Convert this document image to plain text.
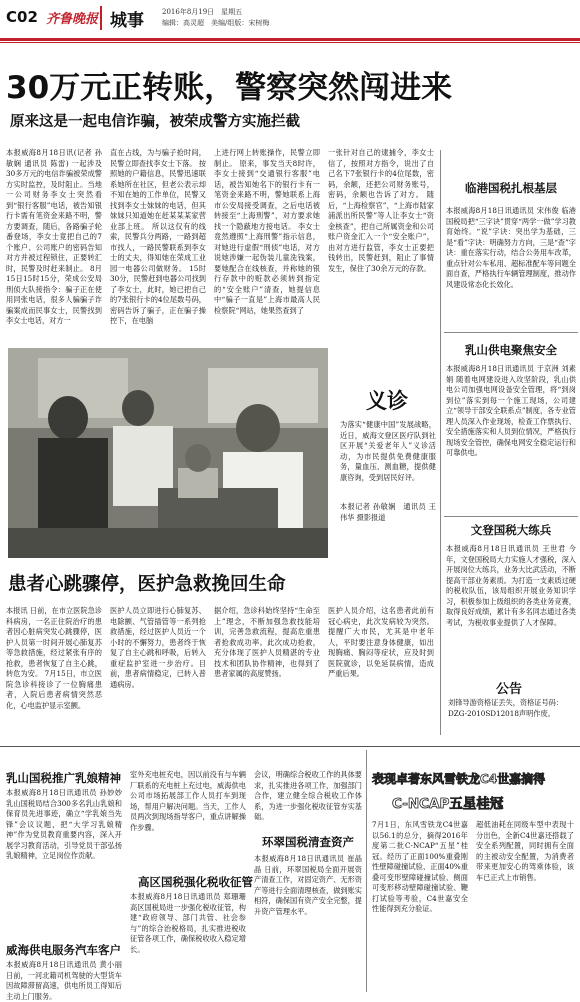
C02 齐鲁晚报 城事	2016年8月19日　星期五
编辑：高灵超　美编/组版：宋树梅
30万元正转账，警察突然闯进来
原来这是一起电信诈骗，被荣成警方实施拦截
本报威海8月18日讯(记者 孙敏娴 通讯员 陈雷) 一起涉及30多万元的电信诈骗被荣成警方实时监控，及时阻止。当地一公司财务李女士突然看到“银行客服”电话，被告知银行卡需有笔资金来路不明，警方要调查，随后，各路骗子轮番登场，李女士竟把自己的7个账户、公司账户的密码告知对方并被过程锁住，正要转汇时，民警及时赶来制止。 8月15日15时15分，荣成公安局刑侦大队接指令：骗子正在使用同张电话，很多人骗骗子诈骗案成而民事女士，民警找到李女士电话，对方一
直在占线，为与骗子抢时间，民警立即查找李女士下落。 按照她的户籍信息，民警迅速联系她所在社区，但老公表示却不知在她的工作单位，民警又找到李女士妹妹的电话，但其妹妹只知道她在赶某某某家营业部上班。 所以这仅有的线索，民警兵分两路，一路到超市找人，一路民警联系到李女士的丈夫，得知她在荣成工业园一电器公司做财务。 15时30分，民警赶到电器公司找到了李女士，此时，她已把自己的7张银行卡的4位尾数号码，密码告诉了骗子，正在骗子操控下，在电脑
上进行网上转账操作，民警立即制止。 原来，事发当天8时许，李女士接到“交通银行客服”电话，被告知她名下的银行卡有一笔资金来路不明，警她联系上海市公安局接受调查，之后电话被转接至“上海刑警”，对方要求她找一个隐蔽地方接电话。 李女士竟然遵照“上海刑警”指示信息，对她进行虚假“刑侦”电话，对方说她涉嫌一起伪装儿童洗钱案，要她配合在线核查，并称她的银行存款中的赃款必须转到指定的“安全账户”清查，她提信息中“骗子一直是”上海市最高人民检察院“网站，她果然查到了
一张针对自己的逮捕令，李女士信了，按照对方指令，说出了自己名下7张银行卡的4位尾数，密码，余额，还把公司财务账号，密码，余额也告诉了对方。 随后，“上海检察官”，“上海市陆家浦派出所民警”等人让李女士“资金核查”，把自己所属资金和公司账户资金汇入一个“安全账户”，由对方进行监管，李女士正要把钱转出，民警赶到，阻止了事情发生，保住了30余万元的存款。
临港国税扎根基层
本报威海8月18日讯通讯员 宋伟俊 临港国税局把“三字诀”贯穿“两学一做”学习教育始终。“说”字诀：突出学为基础，三是“看”字诀：明确努力方向，三是“查”字诀：重在落实行动，结合公务用车改革，重点针对公车私用、超标准配车等问题全面自查，严格执行车辆管理制度，推动作风建设常态化长效化。
乳山供电聚焦安全
本报威海8月18日讯通讯员 于京洲 刘素娟 随着电网建设进入攻坚阶段，乳山供电公司加强电网设备安全管理，将“到岗到位”落实到每一个施工现场，公司建立“领导干部安全联系点”制度，各专业管理人员深入作业现场，检查工作票执行、安全措施落实和人员到位情况，严格执行现场安全管控，确保电网安全稳定运行和可靠供电。
文登国税大练兵
本报威海8月18日讯通讯员 王世君 今年，文登国税局大力实施人才强税，深入开展岗位大练兵，业务大比武活动，不断提高干部业务素质。为打造一支素质过硬的税收队伍，该局组织开展业务知识学习，积极参加上级组织的各类业务竞赛，取得良好成绩，累计有多名同志通过各类考试，为税收事业提供了人才保障。
义诊
为落实“健康中国”发展战略，近日，威海文登区医疗队到社区开展“关爱老年人”义诊活动，为市民提供免费健康服务，量血压、测血糖，提供健康咨询，受到居民好评。
本报记者 孙敏娴　通讯员 王伟华 摄影报道
患者心跳骤停，医护急救挽回生命
本报讯 日前，在市立医院急诊科病房，一名正住院治疗的患者因心脏病突发心跳骤停，医护人员第一时间开展心肺复苏等急救措施，经过紧张有序的抢救，患者恢复了自主心跳，转危为安。 7月15日，市立医院急诊科接诊了一位胸痛患者，入院后患者病情突然恶化，心电监护显示室颤。
医护人员立即进行心肺复苏、电除颤、气管插管等一系列抢救措施，经过医护人员近一个小时的不懈努力，患者终于恢复了自主心跳和呼吸，后转入重症监护室进一步治疗。目前，患者病情稳定，已转入普通病房。
据介绍，急诊科始终坚持“生命至上”理念，不断加强急救技能培训，完善急救流程，提高危重患者抢救成功率。此次成功抢救，充分体现了医护人员精湛的专业技术和团队协作精神，也得到了患者家属的高度赞扬。
医护人员介绍，这名患者此前有冠心病史，此次发病较为突然。提醒广大市民，尤其是中老年人，平时要注意身体健康，如出现胸痛、胸闷等症状，应及时到医院就诊，以免延误病情，造成严重后果。
公告
刘锋导游资格证丢失，资格证号码：DZG-2010SD12018声明作废。
乳山国税推广乳娘精神
本报威海8月18日讯通讯员 孙妙妙 乳山国税局结合300多名乳山乳娘和保育员先进事迹，确立“学乳娘当先锋”会议议题，把“大学习乳娘精神”作为党员教育重要内容，深入开展学习教育活动，引导党员干部弘扬乳娘精神，立足岗位作贡献。
威海供电服务汽车客户
本报威海8月18日讯通讯员 黄小丽 日前，一河北籍司机驾驶的大型货车因故障滞留高速，供电所员工得知后主动上门服务。
室外充电桩充电，因以前没有与车辆厂联系的充电桩上充过电，威海供电公司市场拓展部工作人员打车到现场，帮用户解决问题。当天，工作人员两次到现场指导客户，重点讲解操作步骤。
高区国税强化税收征管
本报威海8月18日讯通讯员 郑珊珊 高区国税局进一步强化税收征管，构建“政府领导、部门共管、社会参与”的综合治税格局，扎实推进税收征管各项工作，确保税收收入稳定增长。
会议，明确综合税收工作的具体要求，扎实推进各项工作，加强部门合作，建立健全综合税收工作体系，为进一步强化税收征管夯实基础。
环翠国税清查资产
本报威海8月18日讯通讯员 崔晶晶 日前，环翠国税局全面开展资产清查工作，对固定资产、无形资产等进行全面清理核查，做到账实相符，确保国有资产安全完整，提升资产管理水平。
表现卓著东风雪铁龙C4世嘉摘得
C-NCAP五星桂冠
7月1日，东风雪铁龙C4世嘉以56.1的总分，摘得2016年度第二批C-NCAP“五星”桂冠。经历了正面100%重叠刚性壁障碰撞试验、正面40%重叠可变形壁障碰撞试验、侧面可变形移动壁障碰撞试验、鞭打试验等考验，C4世嘉安全性能得到充分验证。
超低油耗在同级车型中表现十分出色，全新C4世嘉还搭载了安全系列配置，同时拥有全面的主被动安全配置，为消费者带来更加安心的驾乘体验，该车已正式上市销售。
